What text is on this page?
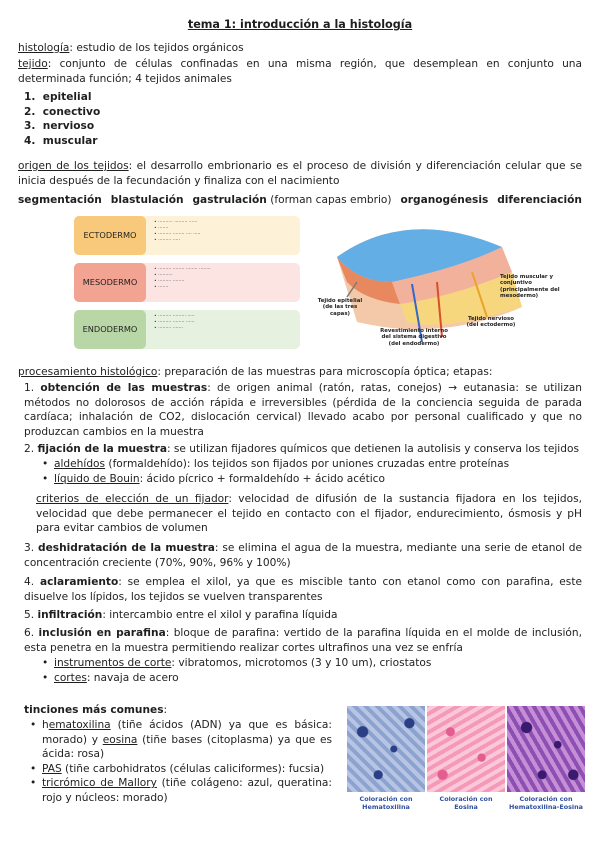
tema 1: introducción a la histología

histología: estudio de los tejidos orgánicos

tejido: conjunto de células confinadas en una misma región, que desemplean en conjunto una determinada función; 4 tejidos animales

1.  epitelial
2.  conectivo
3.  nervioso
4.  muscular

origen de los tejidos: el desarrollo embrionario es el proceso de división y diferenciación celular que se inicia después de la fecundación y finaliza con el nacimiento

segmentación blastulación gastrulación (forman capas embrio) organogénesis diferenciación
ECTODERMO
• ·········· ········· ······
• ·······
• ········· ········ ···· ·····
• ········· ·····
MESODERMO
• ········· ········ ········ ········
• ··········
• ········· ········
• ·······
ENDODERMO
• ········· ········· ·····
• ········· ········ ······
• ········· ·······
Tejido epitelial (de las tres capas)
Revestimiento interno del sistema digestivo (del endodermo)
Tejido nervioso (del ectodermo)
Tejido muscular y conjuntivo (principalmente del mesodermo)

procesamiento histológico: preparación de las muestras para microscopía óptica; etapas:

1. obtención de las muestras: de origen animal (ratón, ratas, conejos) → eutanasia: se utilizan métodos no dolorosos de acción rápida e irreversibles (pérdida de la conciencia seguida de parada cardíaca; inhalación de CO2, dislocación cervical) llevado acabo por personal cualificado y que no produzcan cambios en la muestra
2. fijación de la muestra: se utilizan fijadores químicos que detienen la autolisis y conserva los tejidos
• aldehídos (formaldehído): los tejidos son fijados por uniones cruzadas entre proteínas
• líquido de Bouin: ácido pícrico + formaldehído + ácido acético

criterios de elección de un fijador: velocidad de difusión de la sustancia fijadora en los tejidos, velocidad que debe permanecer el tejido en contacto con el fijador, endurecimiento, ósmosis y pH para evitar cambios de volumen

3. deshidratación de la muestra: se elimina el agua de la muestra, mediante una serie de etanol de concentración creciente (70%, 90%, 96% y 100%)

4. aclaramiento: se emplea el xilol, ya que es miscible tanto con etanol como con parafina, este disuelve los lípidos, los tejidos se vuelven transparentes

5. infiltración: intercambio entre el xilol y parafina líquida

6. inclusión en parafina: bloque de parafina: vertido de la parafina líquida en el molde de inclusión, esta penetra en la muestra permitiendo realizar cortes ultrafinos una vez se enfría

• instrumentos de corte: vibratomos, microtomos (3 y 10 um), criostatos
• cortes: navaja de acero

tinciones más comunes:

• hematoxilina (tiñe ácidos (ADN) ya que es básica: morado) y eosina (tiñe bases (citoplasma) ya que es ácida: rosa)
• PAS (tiñe carbohidratos (células caliciformes): fucsia)
• tricrómico de Mallory (tiñe colágeno: azul, queratina: rojo y núcleos: morado)	Coloración con Hematoxilina
Coloración con Eosina
Coloración con Hematoxilina-Eosina
